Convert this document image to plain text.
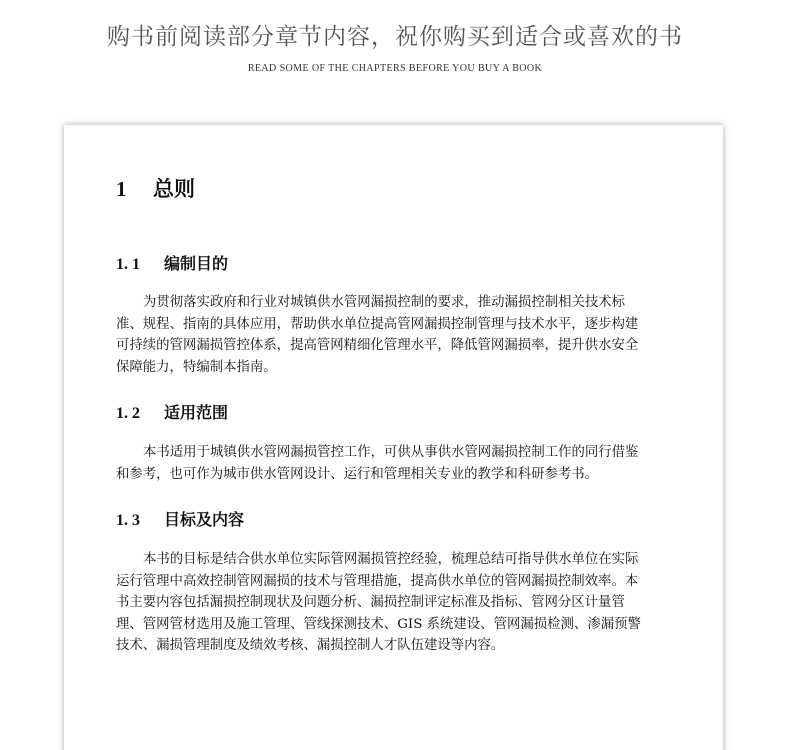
购书前阅读部分章节内容，祝你购买到适合或喜欢的书
READ SOME OF THE CHAPTERS BEFORE YOU BUY A BOOK
1 总则
1. 1 编制目的
为贯彻落实政府和行业对城镇供水管网漏损控制的要求，推动漏损控制相关技术标
准、规程、指南的具体应用，帮助供水单位提高管网漏损控制管理与技术水平，逐步构建
可持续的管网漏损管控体系，提高管网精细化管理水平，降低管网漏损率，提升供水安全
保障能力，特编制本指南。
1. 2 适用范围
本书适用于城镇供水管网漏损管控工作，可供从事供水管网漏损控制工作的同行借鉴
和参考，也可作为城市供水管网设计、运行和管理相关专业的教学和科研参考书。
1. 3 目标及内容
本书的目标是结合供水单位实际管网漏损管控经验，梳理总结可指导供水单位在实际
运行管理中高效控制管网漏损的技术与管理措施，提高供水单位的管网漏损控制效率。本
书主要内容包括漏损控制现状及问题分析、漏损控制评定标准及指标、管网分区计量管
理、管网管材选用及施工管理、管线探测技术、GIS 系统建设、管网漏损检测、渗漏预警
技术、漏损管理制度及绩效考核、漏损控制人才队伍建设等内容。
